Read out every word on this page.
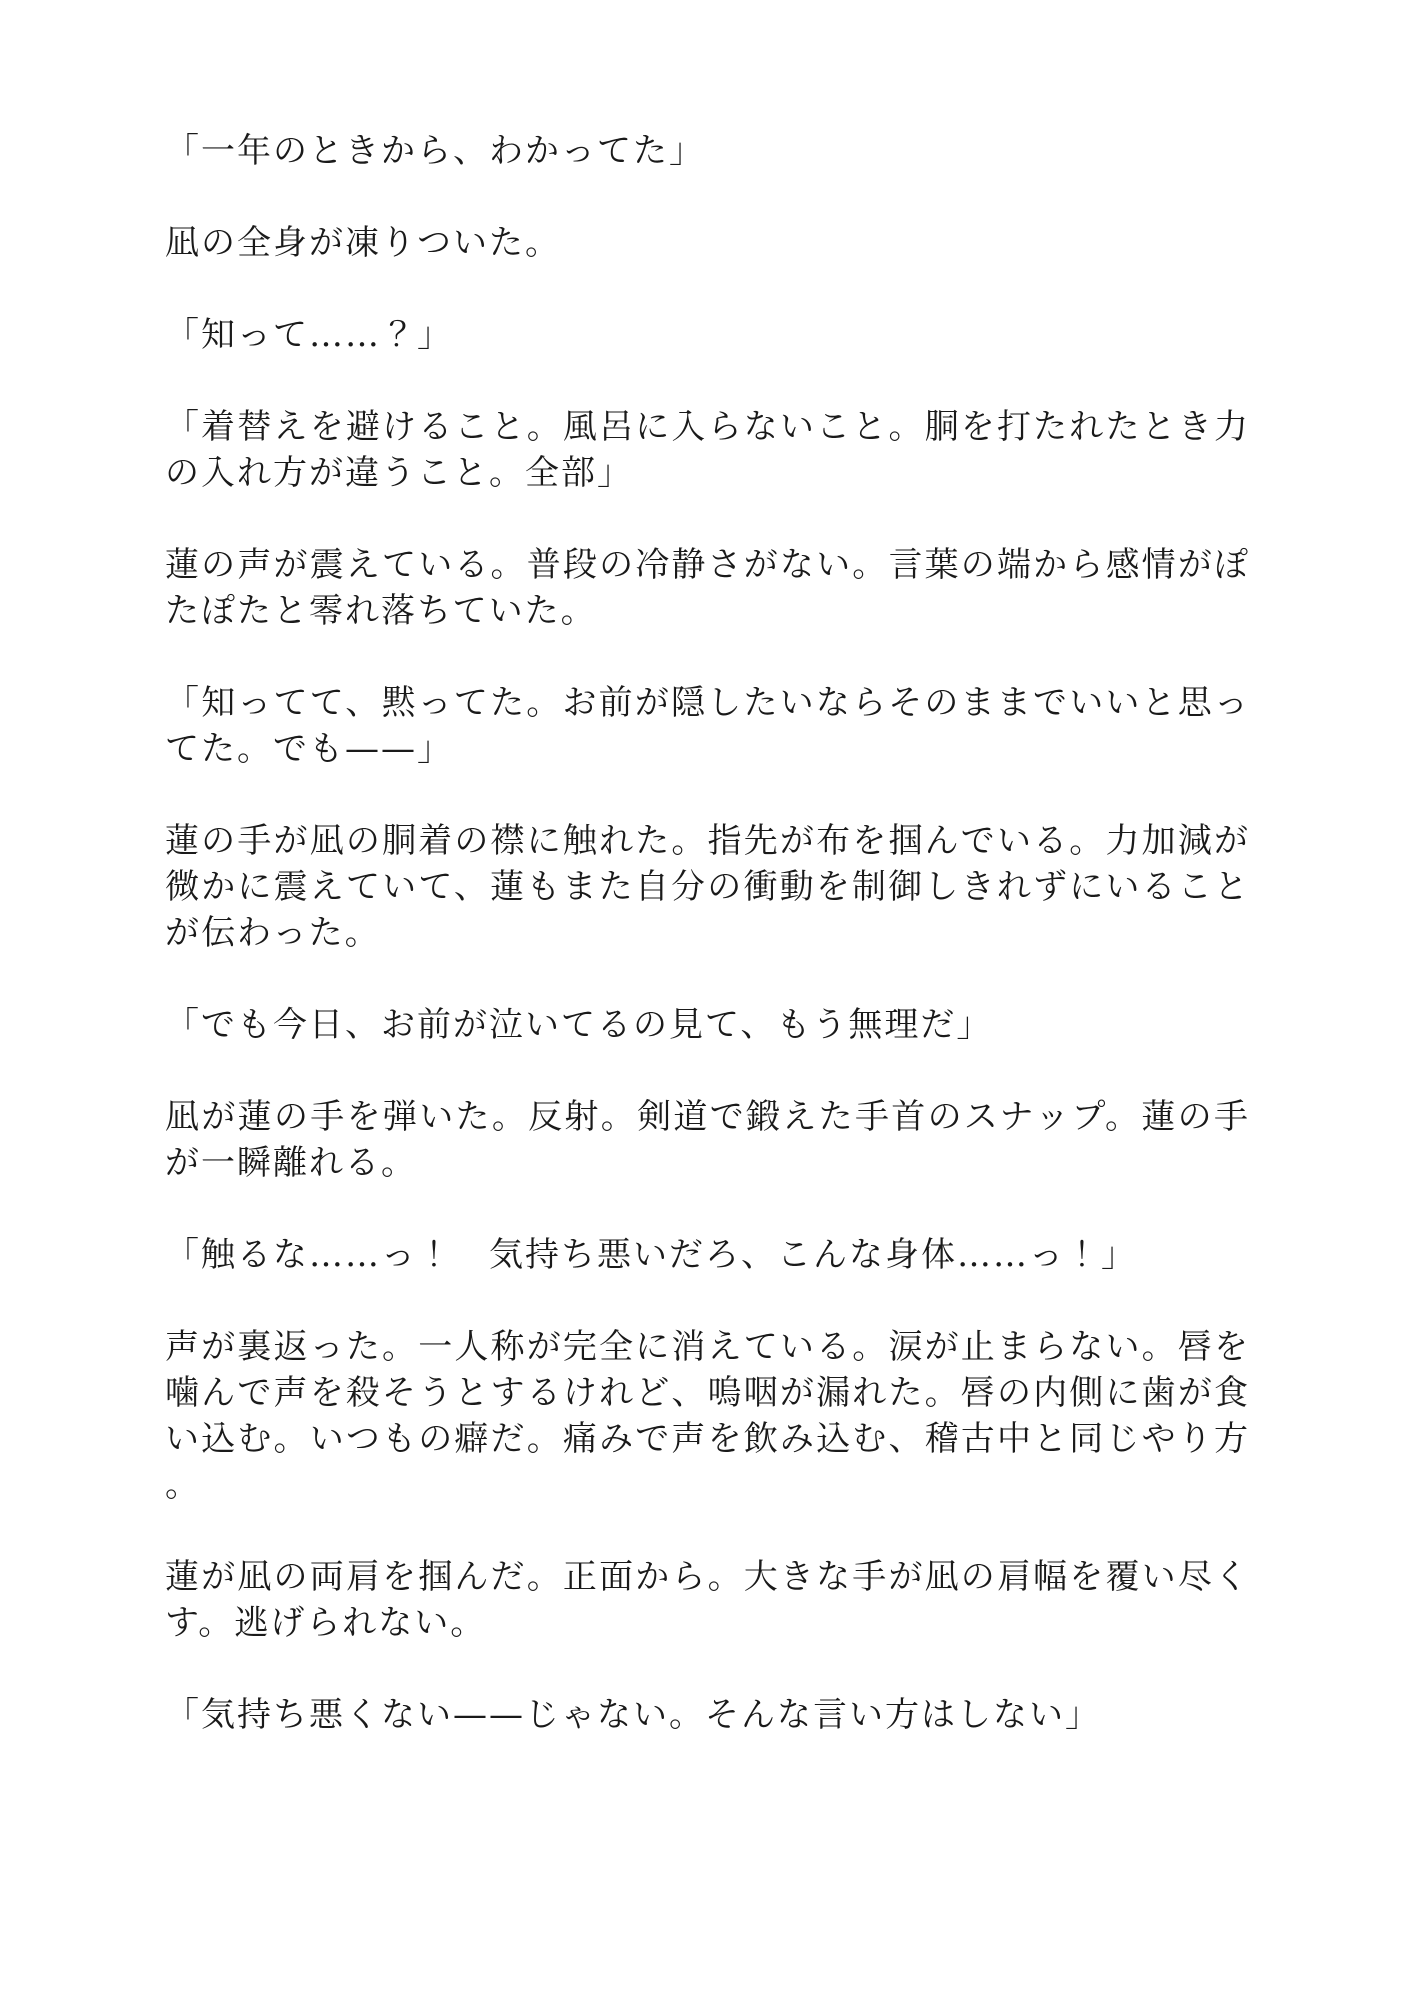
「一年のときから、わかってた」

凪の全身が凍りついた。

「知って……？」

「着替えを避けること。風呂に入らないこと。胴を打たれたとき力の入れ方が違うこと。全部」

蓮の声が震えている。普段の冷静さがない。言葉の端から感情がぽたぽたと零れ落ちていた。

「知ってて、黙ってた。お前が隠したいならそのままでいいと思ってた。でも——」

蓮の手が凪の胴着の襟に触れた。指先が布を掴んでいる。力加減が微かに震えていて、蓮もまた自分の衝動を制御しきれずにいることが伝わった。

「でも今日、お前が泣いてるの見て、もう無理だ」

凪が蓮の手を弾いた。反射。剣道で鍛えた手首のスナップ。蓮の手が一瞬離れる。

「触るな……っ！　気持ち悪いだろ、こんな身体……っ！」

声が裏返った。一人称が完全に消えている。涙が止まらない。唇を噛んで声を殺そうとするけれど、嗚咽が漏れた。唇の内側に歯が食い込む。いつもの癖だ。痛みで声を飲み込む、稽古中と同じやり方。

蓮が凪の両肩を掴んだ。正面から。大きな手が凪の肩幅を覆い尽くす。逃げられない。

「気持ち悪くない——じゃない。そんな言い方はしない」
